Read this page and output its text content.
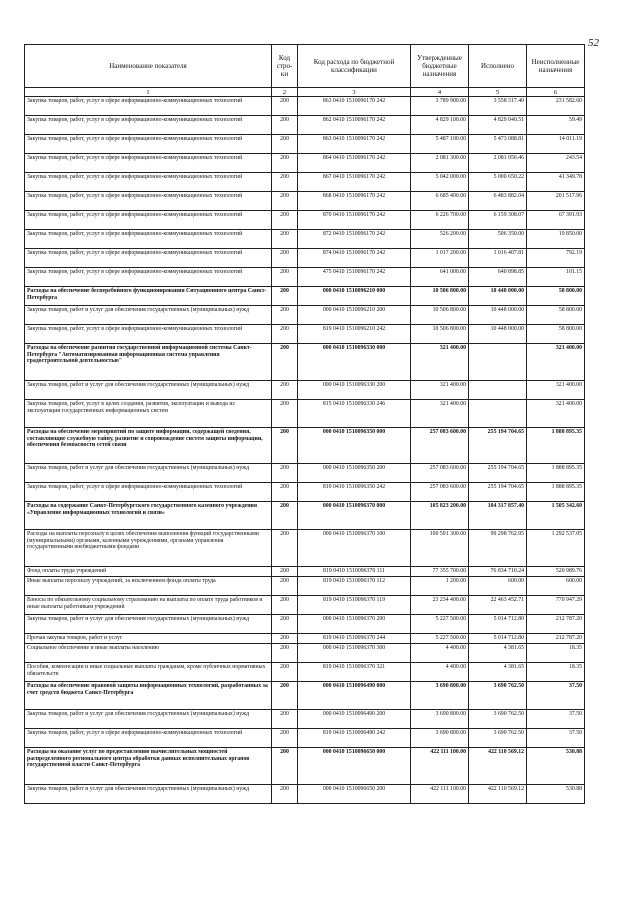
52
Наименование показателя	Код стро-ки	Код расхода по бюджетной классификации	Утвержденные бюджетные назначения	Исполнено	Неисполненные назначения
1	2	3	4	5	6
Закупка товаров, работ, услуг в сфере информационно-коммуникационных технологий	200	863 0410 1510096170 242	3 789 900.00	3 558 317.40	231 582.60
Закупка товаров, работ, услуг в сфере информационно-коммуникационных технологий	200	862 0410 1510096170 242	4 829 100.00	4 829 040.51	59.49
Закупка товаров, работ, услуг в сфере информационно-коммуникационных технологий	200	863 0410 1510096170 242	5 487 100.00	5 473 088.81	14 011.19
Закупка товаров, работ, услуг в сфере информационно-коммуникационных технологий	200	864 0410 1510096170 242	2 081 300.00	2 081 056.46	243.54
Закупка товаров, работ, услуг в сфере информационно-коммуникационных технологий	200	867 0410 1510096170 242	5 042 000.00	5 000 650.22	41 349.78
Закупка товаров, работ, услуг в сфере информационно-коммуникационных технологий	200	868 0410 1510096170 242	6 685 400.00	6 483 882.04	201 517.96
Закупка товаров, работ, услуг в сфере информационно-коммуникационных технологий	200	870 0410 1510096170 242	6 226 700.00	6 159 308.07	67 391.93
Закупка товаров, работ, услуг в сфере информационно-коммуникационных технологий	200	872 0410 1510096170 242	526 200.00	506 350.00	19 850.00
Закупка товаров, работ, услуг в сфере информационно-коммуникационных технологий	200	874 0410 1510096170 242	1 017 200.00	1 016 407.81	792.19
Закупка товаров, работ, услуг в сфере информационно-коммуникационных технологий	200	475 0410 1510096170 242	641 000.00	640 898.85	101.15
Расходы на обеспечение бесперебойного функционирования Ситуационного центра Санкт-Петербурга	200	000 0410 1510096210 000	10 506 800.00	10 448 000.00	58 800.00
Закупка товаров, работ и услуг для обеспечения государственных (муниципальных) нужд	200	000 0410 1510096210 200	10 506 800.00	10 448 000.00	58 800.00
Закупка товаров, работ, услуг в сфере информационно-коммуникационных технологий	200	819 0410 1510096210 242	10 506 800.00	10 448 000.00	58 800.00
Расходы на обеспечение развития государственной информационной системы Санкт-Петербурга "Автоматизированная информационная система управления градостроительной деятельностью"	200	000 0410 1510096330 000	321 400.00		321 400.00
Закупка товаров, работ и услуг для обеспечения государственных (муниципальных) нужд	200	000 0410 1510096330 200	321 400.00		321 400.00
Закупка товаров, работ, услуг в целях создания, развития, эксплуатации и вывода из эксплуатации государственных информационных систем	200	815 0410 1510096330 246	321 400.00		321 400.00
Расходы на обеспечение мероприятий по защите информации, содержащей сведения, составляющие служебную тайну, развитие и сопровождение систем защиты информации, обеспечения безопасности сетей связи	200	000 0410 1510096350 000	257 083 600.00	255 194 704.65	1 888 895.35
Закупка товаров, работ и услуг для обеспечения государственных (муниципальных) нужд	200	000 0410 1510096350 200	257 083 600.00	255 194 704.65	1 888 895.35
Закупка товаров, работ, услуг в сфере информационно-коммуникационных технологий	200	819 0410 1510096350 242	257 083 600.00	255 194 704.65	1 888 895.35
Расходы на содержание Санкт-Петербургского государственного казенного учреждения «Управление информационных технологий и связи»	200	000 0410 1510096370 000	105 823 200.00	104 317 857.40	1 505 342.60
Расходы на выплаты персоналу в целях обеспечения выполнения функций государственными (муниципальными) органами, казенными учреждениями, органами управления государственными внебюджетными фондами	200	000 0410 1510096370 100	100 591 300.00	99 298 762.95	1 292 537.05
Фонд оплаты труда учреждений	200	819 0410 1510096370 111	77 355 700.00	76 834 710.24	520 989.76
Иные выплаты персоналу учреждений, за исключением фонда оплаты труда	200	819 0410 1510096370 112	1 200.00	600.00	600.00
Взносы по обязательному социальному страхованию на выплаты по оплате труда работников и иные выплаты работникам учреждений	200	819 0410 1510096370 119	23 234 400.00	22 463 452.71	770 947.29
Закупка товаров, работ и услуг для обеспечения государственных (муниципальных) нужд	200	000 0410 1510096370 200	5 227 500.00	5 014 712.80	212 787.20
Прочая закупка товаров, работ и услуг	200	819 0410 1510096370 244	5 227 500.00	5 014 712.80	212 787.20
Социальное обеспечение и иные выплаты населению	200	000 0410 1510096370 300	4 400.00	4 381.65	18.35
Пособия, компенсации и иные социальные выплаты гражданам, кроме публичных нормативных обязательств	200	819 0410 1510096370 321	4 400.00	4 381.65	18.35
Расходы на обеспечение правовой защиты информационных технологий, разработанных за счет средств бюджета Санкт-Петербурга	200	000 0410 1510096490 000	3 690 800.00	3 690 762.50	37.50
Закупка товаров, работ и услуг для обеспечения государственных (муниципальных) нужд	200	000 0410 1510096490 200	3 690 800.00	3 690 762.50	37.50
Закупка товаров, работ, услуг в сфере информационно-коммуникационных технологий	200	819 0410 1510096490 242	3 690 800.00	3 690 762.50	37.50
Расходы на оказание услуг по предоставлению вычислительных мощностей распределенного регионального центра обработки данных исполнительных органов государственной власти Санкт-Петербурга	200	000 0410 1510096650 000	422 111 100.00	422 110 569.12	530.88
Закупка товаров, работ и услуг для обеспечения государственных (муниципальных) нужд	200	000 0410 1510096650 200	422 111 100.00	422 110 569.12	530.88
